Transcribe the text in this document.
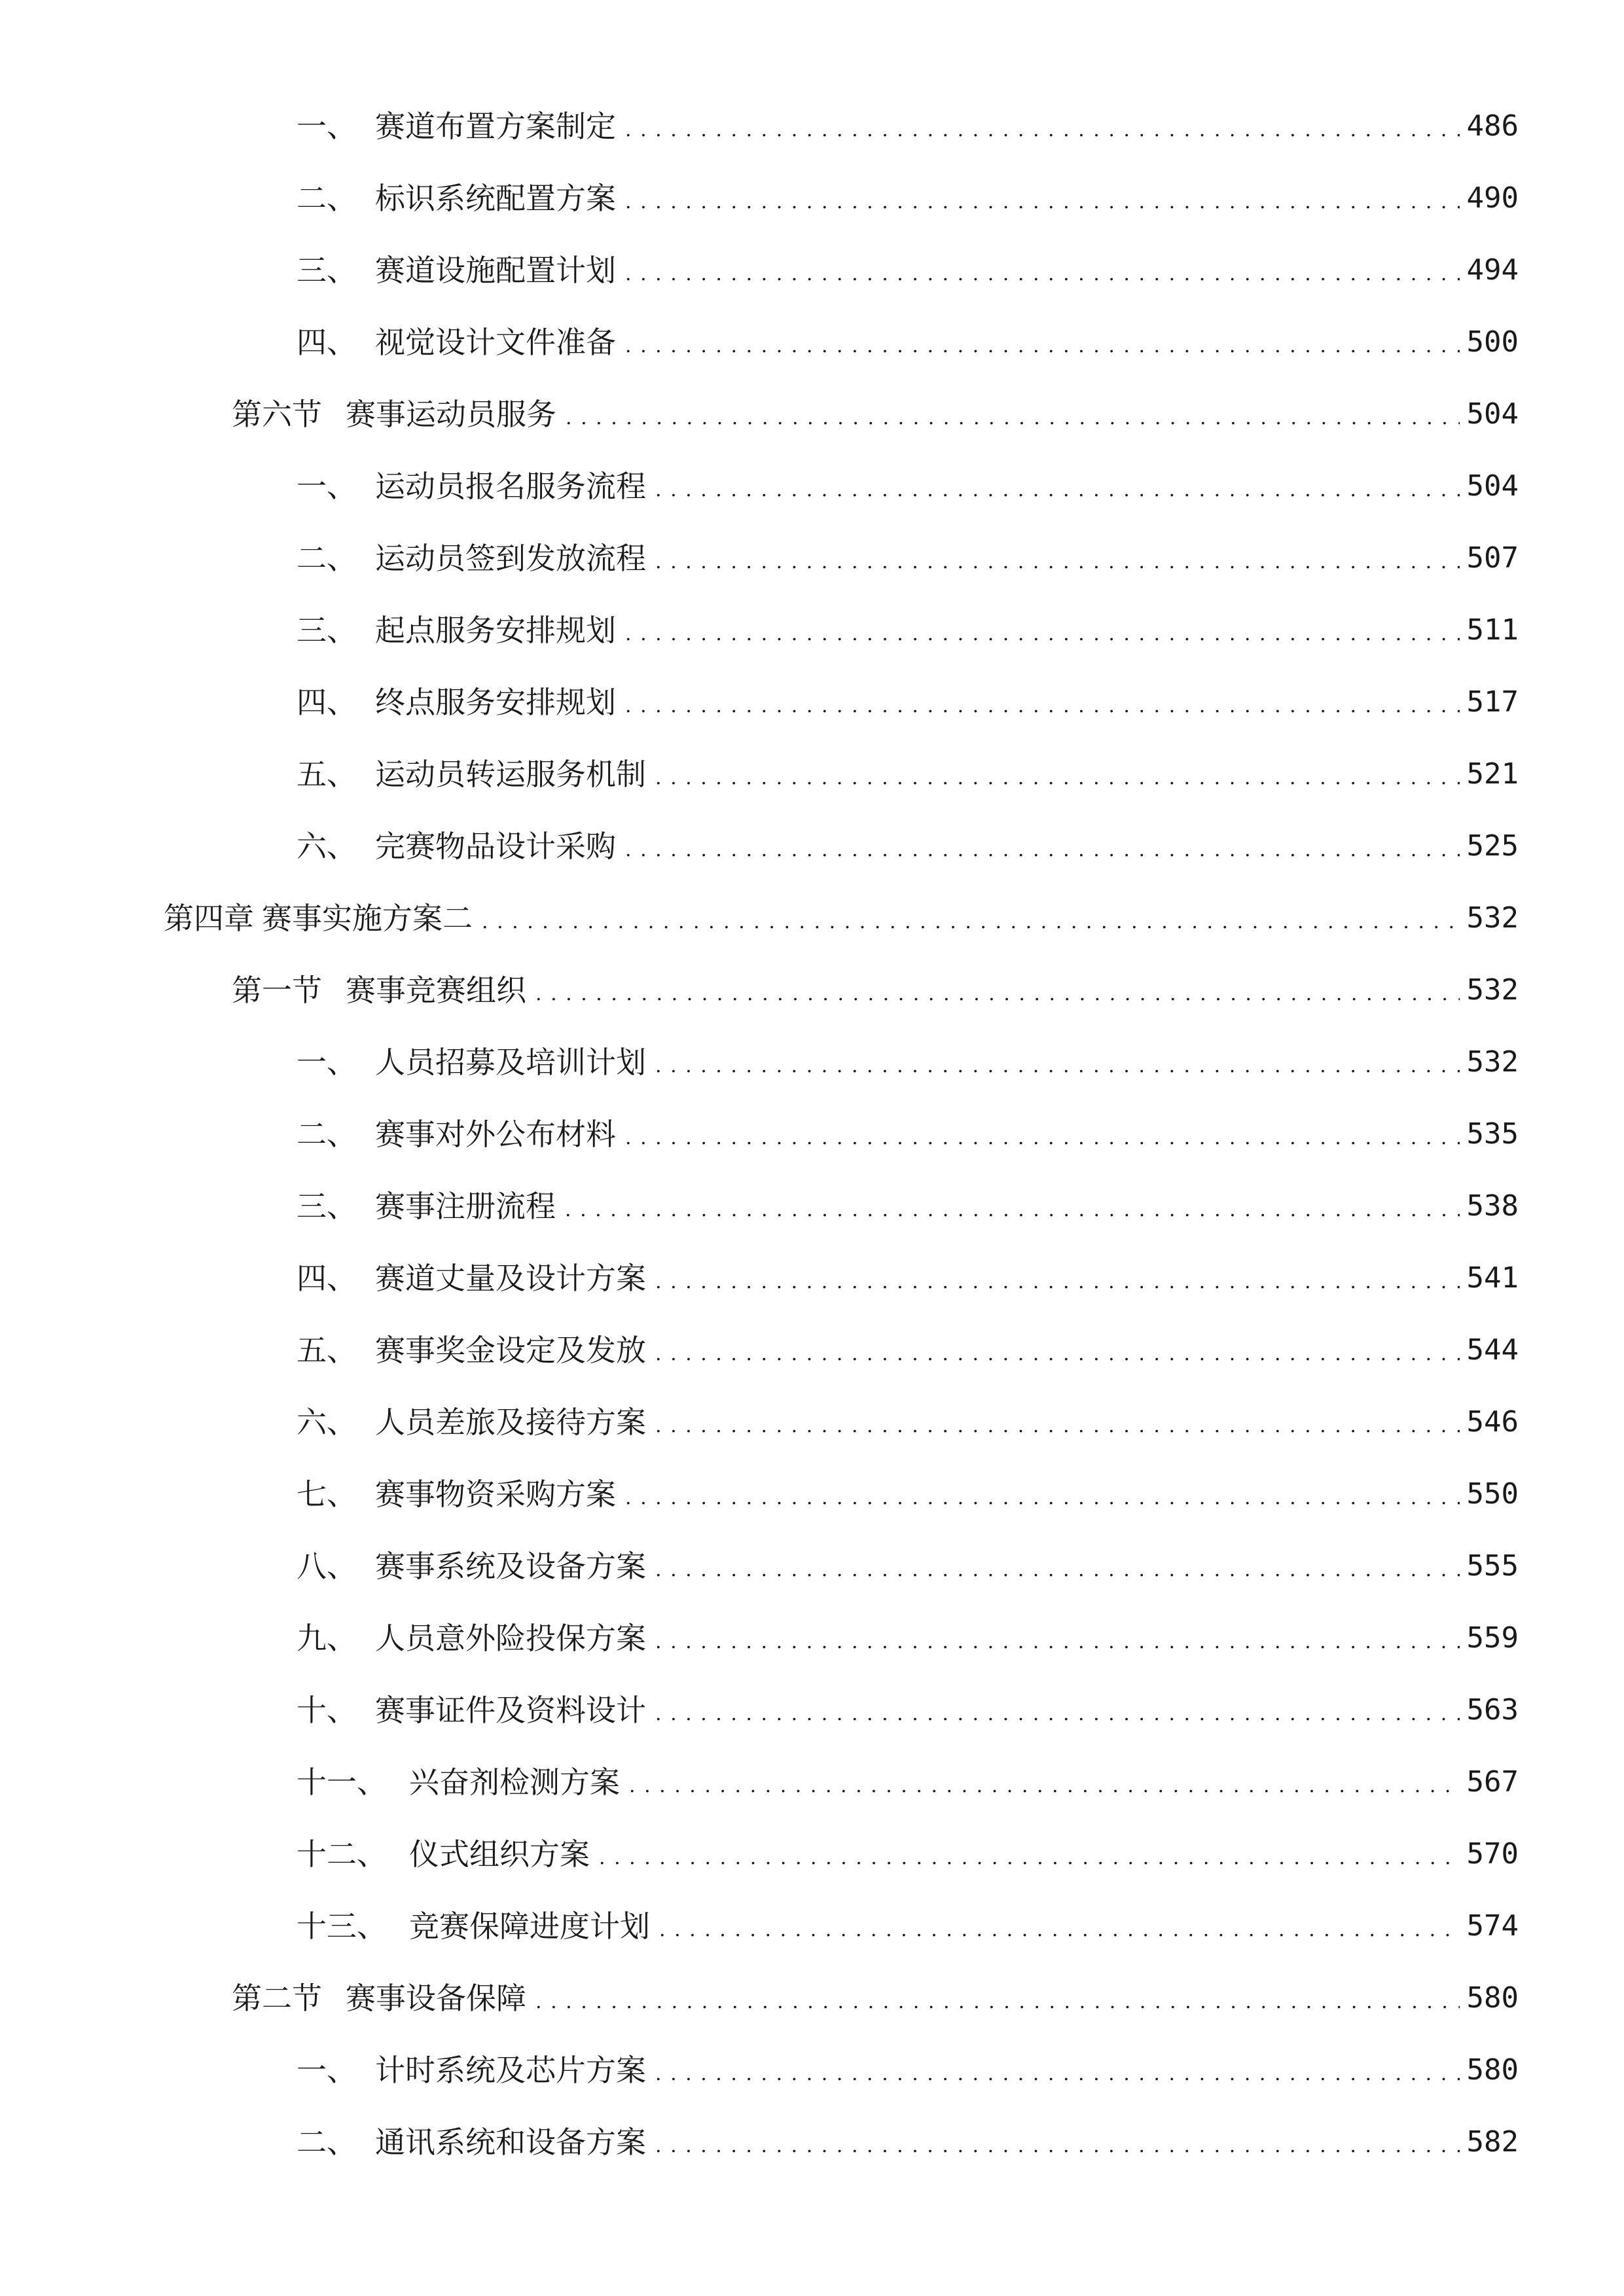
一、 赛道布置方案制定 . . .	486
二、 标识系统配置方案 . . .	490
三、 赛道设施配置计划 . . .	494
四、 视觉设计文件准备 . . .	500
第六节 赛事运动员服务 . . .	504
一、 运动员报名服务流程 . . .	504
二、 运动员签到发放流程 . . .	507
三、 起点服务安排规划 . . .	511
四、 终点服务安排规划 . . .	517
五、 运动员转运服务机制 . . .	521
六、 完赛物品设计采购 . . .	525
第四章 赛事实施方案二 . . .	532
第一节 赛事竞赛组织 . . .	532
一、 人员招募及培训计划 . . .	532
二、 赛事对外公布材料 . . .	535
三、 赛事注册流程 . . .	538
四、 赛道丈量及设计方案 . . .	541
五、 赛事奖金设定及发放 . . .	544
六、 人员差旅及接待方案 . . .	546
七、 赛事物资采购方案 . . .	550
八、 赛事系统及设备方案 . . .	555
九、 人员意外险投保方案 . . .	559
十、 赛事证件及资料设计 . . .	563
十一、 兴奋剂检测方案 . . .	567
十二、 仪式组织方案 . . .	570
十三、 竞赛保障进度计划 . . .	574
第二节 赛事设备保障 . . .	580
一、 计时系统及芯片方案 . . .	580
二、 通讯系统和设备方案 . . .	582
